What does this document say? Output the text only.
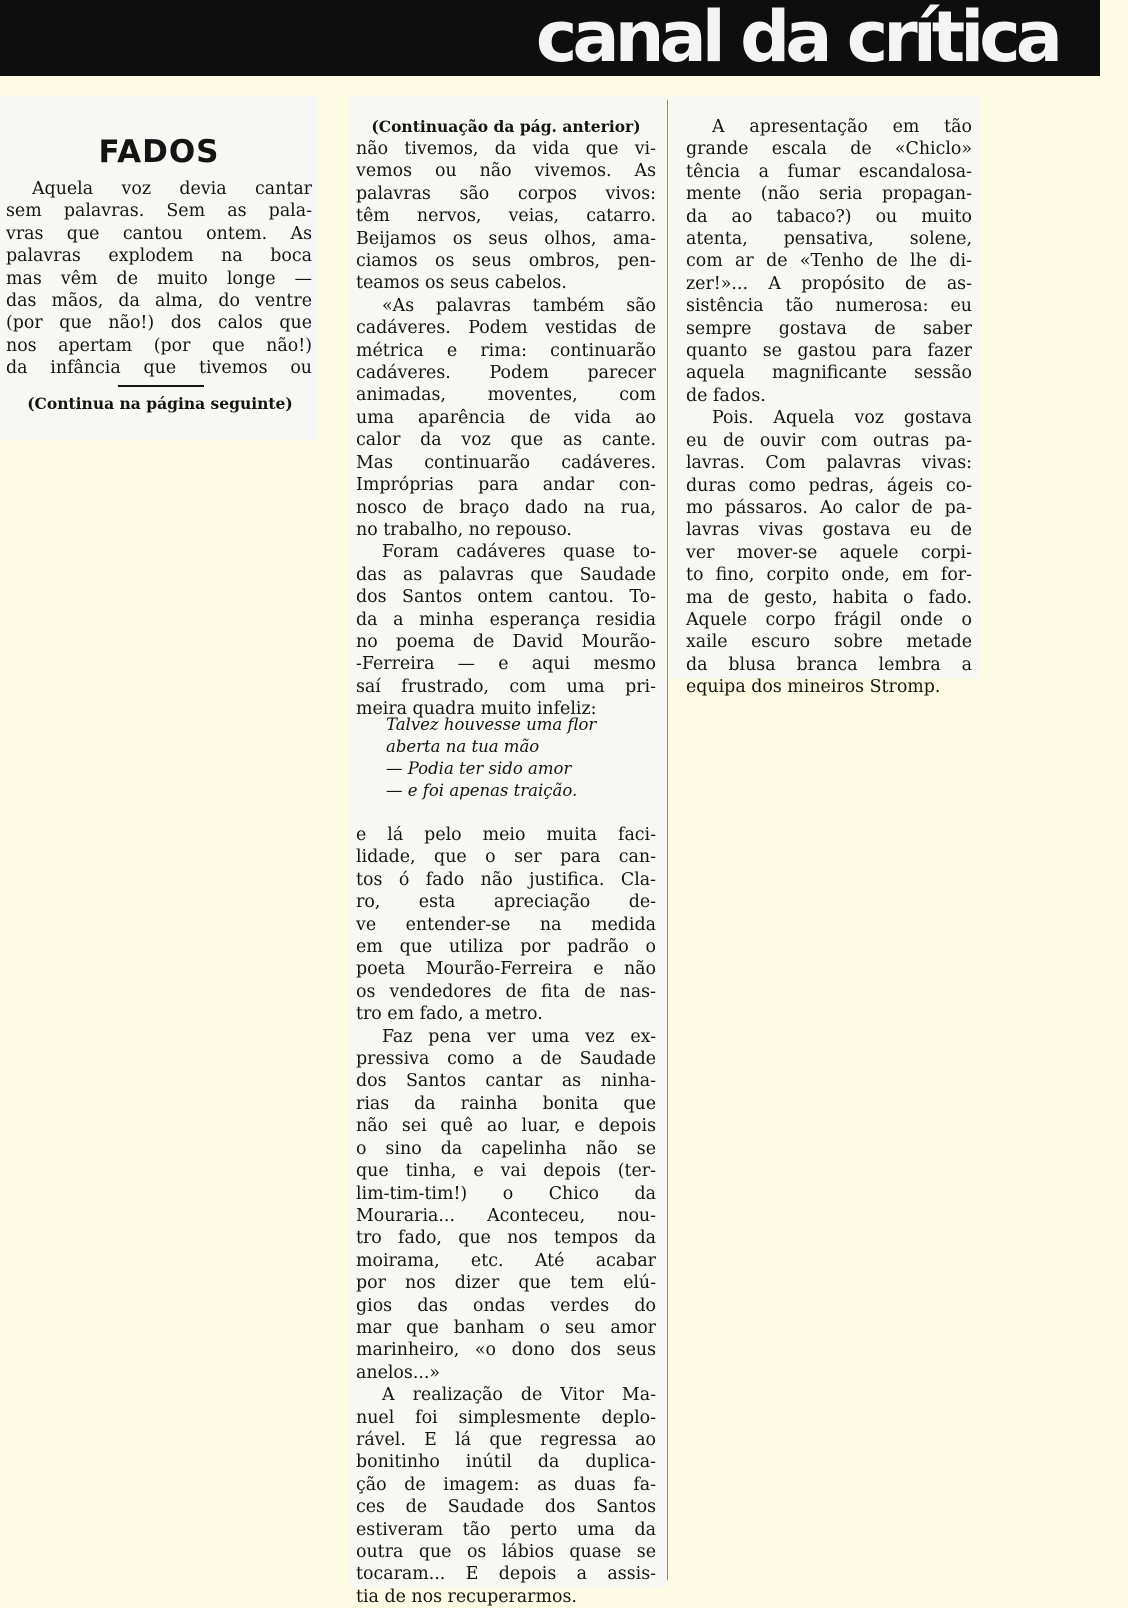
canal da crítica
FADOS
Aquela voz devia cantar
sem palavras. Sem as pala-
vras que cantou ontem. As
palavras explodem na boca
mas vêm de muito longe —
das mãos, da alma, do ventre
(por que não!) dos calos que
nos apertam (por que não!)
da infância que tivemos ou
(Continua na página seguinte)
(Continuação da pág. anterior)
não tivemos, da vida que vi-
vemos ou não vivemos. As
palavras são corpos vivos:
têm nervos, veias, catarro.
Beijamos os seus olhos, ama-
ciamos os seus ombros, pen-
teamos os seus cabelos.
«As palavras também são
cadáveres. Podem vestidas de
métrica e rima: continuarão
cadáveres. Podem parecer
animadas, moventes, com
uma aparência de vida ao
calor da voz que as cante.
Mas continuarão cadáveres.
Impróprias para andar con-
nosco de braço dado na rua,
no trabalho, no repouso.
Foram cadáveres quase to-
das as palavras que Saudade
dos Santos ontem cantou. To-
da a minha esperança residia
no poema de David Mourão-
-Ferreira — e aqui mesmo
saí frustrado, com uma pri-
meira quadra muito infeliz:
Talvez houvesse uma flor
aberta na tua mão
— Podia ter sido amor
— e foi apenas traição.
e lá pelo meio muita faci-
lidade, que o ser para can-
tos ó fado não justifica. Cla-
ro, esta apreciação de-
ve entender-se na medida
em que utiliza por padrão o
poeta Mourão-Ferreira e não
os vendedores de fita de nas-
tro em fado, a metro.
Faz pena ver uma vez ex-
pressiva como a de Saudade
dos Santos cantar as ninha-
rias da rainha bonita que
não sei quê ao luar, e depois
o sino da capelinha não se
que tinha, e vai depois (ter-
lim-tim-tim!) o Chico da
Mouraria... Aconteceu, nou-
tro fado, que nos tempos da
moirama, etc. Até acabar
por nos dizer que tem elú-
gios das ondas verdes do
mar que banham o seu amor
marinheiro, «o dono dos seus
anelos...»
A realização de Vitor Ma-
nuel foi simplesmente deplo-
rável. E lá que regressa ao
bonitinho inútil da duplica-
ção de imagem: as duas fa-
ces de Saudade dos Santos
estiveram tão perto uma da
outra que os lábios quase se
tocaram... E depois a assis-
tia de nos recuperarmos.
A apresentação em tão
grande escala de «Chiclo»
tência a fumar escandalosa-
mente (não seria propagan-
da ao tabaco?) ou muito
atenta, pensativa, solene,
com ar de «Tenho de lhe di-
zer!»... A propósito de as-
sistência tão numerosa: eu
sempre gostava de saber
quanto se gastou para fazer
aquela magnificante sessão
de fados.
Pois. Aquela voz gostava
eu de ouvir com outras pa-
lavras. Com palavras vivas:
duras como pedras, ágeis co-
mo pássaros. Ao calor de pa-
lavras vivas gostava eu de
ver mover-se aquele corpi-
to fino, corpito onde, em for-
ma de gesto, habita o fado.
Aquele corpo frágil onde o
xaile escuro sobre metade
da blusa branca lembra a
equipa dos mineiros Stromp.
